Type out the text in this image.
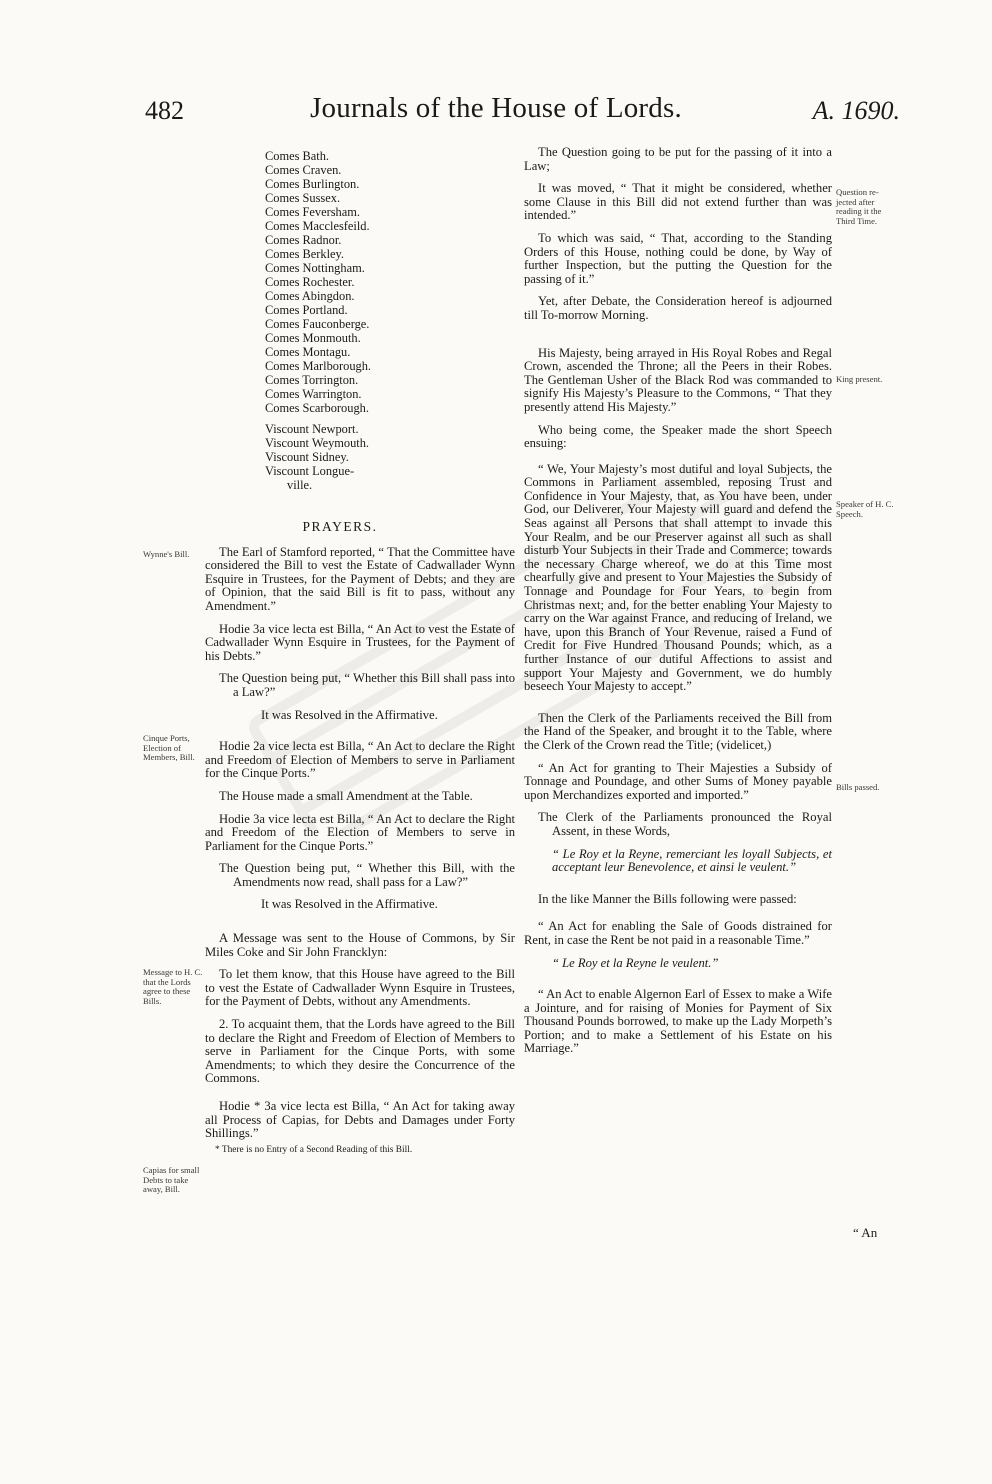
482	Journals of the House of Lords.	A. 1690.
Comes Bath.
Comes Craven.
Comes Burlington.
Comes Sussex.
Comes Feversham.
Comes Macclesfeild.
Comes Radnor.
Comes Berkley.
Comes Nottingham.
Comes Rochester.
Comes Abingdon.
Comes Portland.
Comes Fauconberge.
Comes Monmouth.
Comes Montagu.
Comes Marlborough.
Comes Torrington.
Comes Warrington.
Comes Scarborough.
Viscount Newport.
Viscount Weymouth.
Viscount Sidney.
Viscount Longue-
ville.
PRAYERS.
The Earl of Stamford reported, “ That the Committee have considered the Bill to vest the Estate of Cadwallader Wynn Esquire in Trustees, for the Payment of Debts; and they are of Opinion, that the said Bill is fit to pass, without any Amendment.”
Hodie 3a vice lecta est Billa, “ An Act to vest the Estate of Cadwallader Wynn Esquire in Trustees, for the Payment of his Debts.”
The Question being put, “ Whether this Bill shall pass into a Law?”
It was Resolved in the Affirmative.
Hodie 2a vice lecta est Billa, “ An Act to declare the Right and Freedom of Election of Members to serve in Parliament for the Cinque Ports.”
The House made a small Amendment at the Table.
Hodie 3a vice lecta est Billa, “ An Act to declare the Right and Freedom of the Election of Members to serve in Parliament for the Cinque Ports.”
The Question being put, “ Whether this Bill, with the Amendments now read, shall pass for a Law?”
It was Resolved in the Affirmative.
A Message was sent to the House of Commons, by Sir Miles Coke and Sir John Francklyn:
To let them know, that this House have agreed to the Bill to vest the Estate of Cadwallader Wynn Esquire in Trustees, for the Payment of Debts, without any Amendments.
2. To acquaint them, that the Lords have agreed to the Bill to declare the Right and Freedom of Election of Members to serve in Parliament for the Cinque Ports, with some Amendments; to which they desire the Concurrence of the Commons.
Hodie * 3a vice lecta est Billa, “ An Act for taking away all Process of Capias, for Debts and Damages under Forty Shillings.”
* There is no Entry of a Second Reading of this Bill.
Wynne's Bill.
Cinque Ports, Election of Members, Bill.
Message to H. C. that the Lords agree to these Bills.
Capias for small Debts to take away, Bill.
The Question going to be put for the passing of it into a Law;
It was moved, “ That it might be considered, whether some Clause in this Bill did not extend further than was intended.”
To which was said, “ That, according to the Standing Orders of this House, nothing could be done, by Way of further Inspection, but the putting the Question for the passing of it.”
Yet, after Debate, the Consideration hereof is adjourned till To-morrow Morning.
His Majesty, being arrayed in His Royal Robes and Regal Crown, ascended the Throne; all the Peers in their Robes. The Gentleman Usher of the Black Rod was commanded to signify His Majesty’s Pleasure to the Commons, “ That they presently attend His Majesty.”
Who being come, the Speaker made the short Speech ensuing:
“ We, Your Majesty’s most dutiful and loyal Subjects, the Commons in Parliament assembled, reposing Trust and Confidence in Your Majesty, that, as You have been, under God, our Deliverer, Your Majesty will guard and defend the Seas against all Persons that shall attempt to invade this Your Realm, and be our Preserver against all such as shall disturb Your Subjects in their Trade and Commerce; towards the necessary Charge whereof, we do at this Time most chearfully give and present to Your Majesties the Subsidy of Tonnage and Poundage for Four Years, to begin from Christmas next; and, for the better enabling Your Majesty to carry on the War against France, and reducing of Ireland, we have, upon this Branch of Your Revenue, raised a Fund of Credit for Five Hundred Thousand Pounds; which, as a further Instance of our dutiful Affections to assist and support Your Majesty and Government, we do humbly beseech Your Majesty to accept.”
Then the Clerk of the Parliaments received the Bill from the Hand of the Speaker, and brought it to the Table, where the Clerk of the Crown read the Title; (videlicet,)
“ An Act for granting to Their Majesties a Subsidy of Tonnage and Poundage, and other Sums of Money payable upon Merchandizes exported and imported.”
The Clerk of the Parliaments pronounced the Royal Assent, in these Words,
“ Le Roy et la Reyne, remerciant les loyall Subjects, et acceptant leur Benevolence, et ainsi le veulent.”
In the like Manner the Bills following were passed:
“ An Act for enabling the Sale of Goods distrained for Rent, in case the Rent be not paid in a reasonable Time.”
“ Le Roy et la Reyne le veulent.”
“ An Act to enable Algernon Earl of Essex to make a Wife a Jointure, and for raising of Monies for Payment of Six Thousand Pounds borrowed, to make up the Lady Morpeth’s Portion; and to make a Settlement of his Estate on his Marriage.”
Question re-jected after reading it the Third Time.
King present.
Speaker of H. C. Speech.
Bills passed.
“ An
